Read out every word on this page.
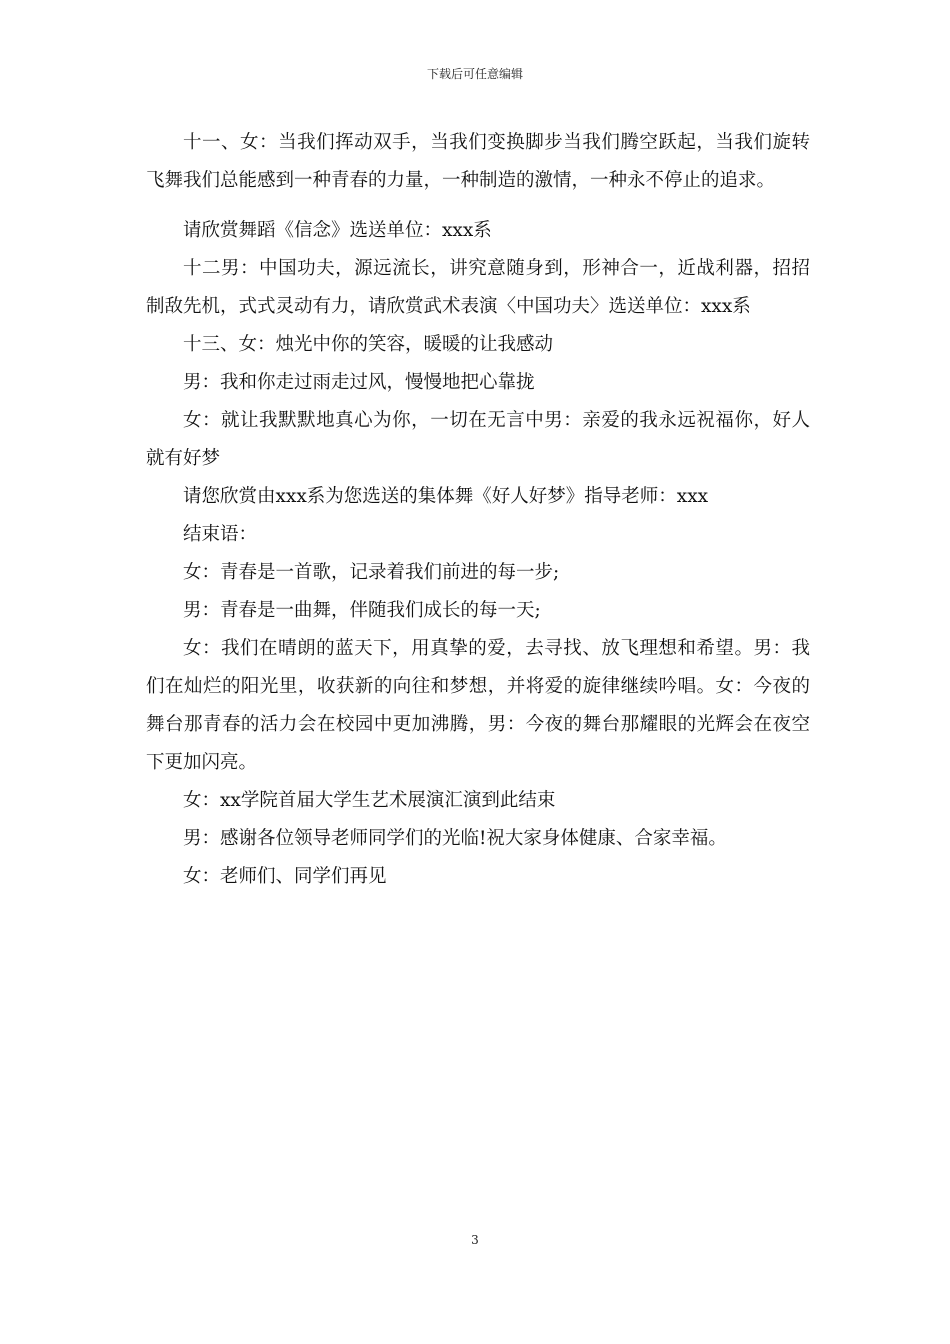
下载后可任意编辑

十一、女：当我们挥动双手，当我们变换脚步当我们腾空跃起，当我们旋转飞舞我们总能感到一种青春的力量，一种制造的激情，一种永不停止的追求。

请欣赏舞蹈《信念》选送单位：xxx系

十二男：中国功夫，源远流长，讲究意随身到，形神合一，近战利器，招招制敌先机，式式灵动有力，请欣赏武术表演〈中国功夫〉选送单位：xxx系

十三、女：烛光中你的笑容，暖暖的让我感动

男：我和你走过雨走过风，慢慢地把心靠拢

女：就让我默默地真心为你，一切在无言中男：亲爱的我永远祝福你，好人就有好梦

请您欣赏由xxx系为您选送的集体舞《好人好梦》指导老师：xxx

结束语：

女：青春是一首歌，记录着我们前进的每一步;

男：青春是一曲舞，伴随我们成长的每一天;

女：我们在晴朗的蓝天下，用真挚的爱，去寻找、放飞理想和希望。男：我们在灿烂的阳光里，收获新的向往和梦想，并将爱的旋律继续吟唱。女：今夜的舞台那青春的活力会在校园中更加沸腾，男：今夜的舞台那耀眼的光辉会在夜空下更加闪亮。

女：xx学院首届大学生艺术展演汇演到此结束

男：感谢各位领导老师同学们的光临!祝大家身体健康、合家幸福。

女：老师们、同学们再见

3
